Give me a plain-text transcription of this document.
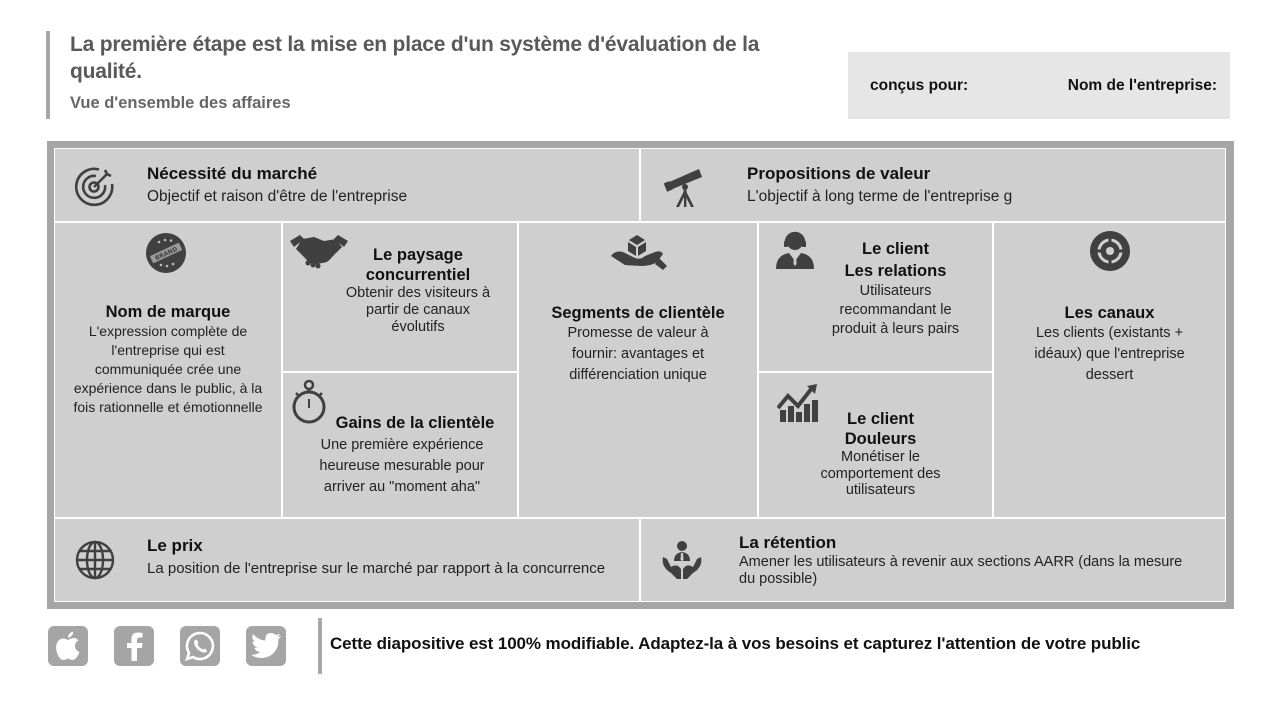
La première étape est la mise en place d'un système d'évaluation de la qualité.
Vue d'ensemble des affaires
conçus pour:	Nom de l'entreprise:
Nécessité du marché
Objectif et raison d'être de l'entreprise
Propositions de valeur
L'objectif à long terme de l'entreprise g
BRAND
Nom de marque
L'expression complète de l'entreprise qui est communiquée crée une expérience dans le public, à la fois rationnelle et émotionnelle
Le paysage concurrentiel
Obtenir des visiteurs à partir de canaux évolutifs
Gains de la clientèle
Une première expérience heureuse mesurable pour arriver au "moment aha"
Segments de clientèle
Promesse de valeur à fournir: avantages et différenciation unique
Le client
Les relations
Utilisateurs recommandant le produit à leurs pairs
Le client
Douleurs
Monétiser le comportement des utilisateurs
Les canaux
Les clients (existants + idéaux) que l'entreprise dessert
Le prix
La position de l'entreprise sur le marché par rapport à la concurrence
La rétention
Amener les utilisateurs à revenir aux sections AARR (dans la mesure du possible)
Cette diapositive est 100% modifiable. Adaptez-la à vos besoins et capturez l'attention de votre public
